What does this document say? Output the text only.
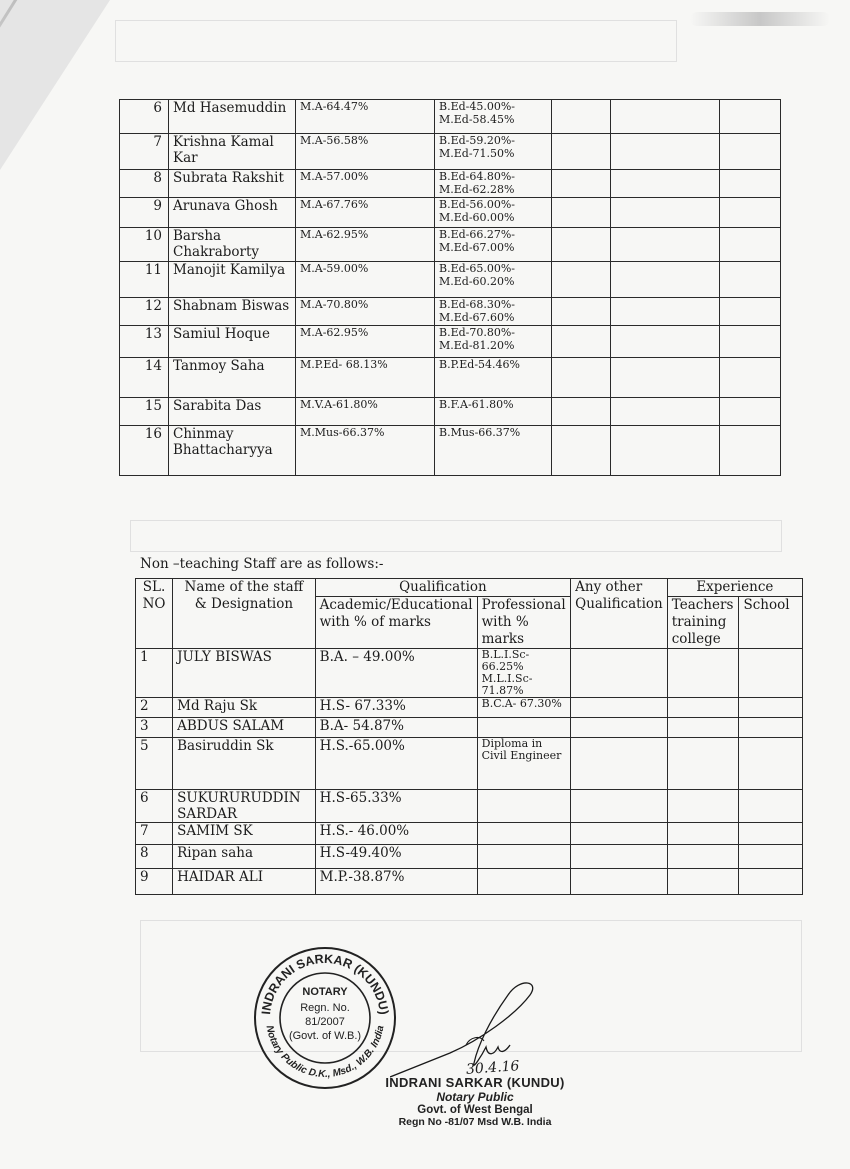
6	Md Hasemuddin	M.A-64.47%	B.Ed-45.00%-
M.Ed-58.45%			

7	Krishna Kamal Kar	M.A-56.58%	B.Ed-59.20%-
M.Ed-71.50%			

8	Subrata Rakshit	M.A-57.00%	B.Ed-64.80%-
M.Ed-62.28%			

9	Arunava Ghosh	M.A-67.76%	B.Ed-56.00%-
M.Ed-60.00%			

10	Barsha Chakraborty	M.A-62.95%	B.Ed-66.27%-
M.Ed-67.00%			

11	Manojit Kamilya	M.A-59.00%	B.Ed-65.00%-
M.Ed-60.20%			

12	Shabnam Biswas	M.A-70.80%	B.Ed-68.30%-
M.Ed-67.60%			

13	Samiul Hoque	M.A-62.95%	B.Ed-70.80%-
M.Ed-81.20%			

14	Tanmoy Saha	M.P.Ed- 68.13%	B.P.Ed-54.46%			

15	Sarabita Das	M.V.A-61.80%	B.F.A-61.80%			

16	Chinmay Bhattacharyya	M.Mus-66.37%	B.Mus-66.37%			

Non –teaching Staff are as follows:-
SL. NO	Name of the staff & Designation	Qualification		Any other Qualification	Experience	
		Academic/Educational with % of marks	Professional with % marks		Teachers training college	School
1	JULY BISWAS	B.A. – 49.00%	B.L.I.Sc- 66.25% M.L.I.Sc-71.87%			
2	Md Raju Sk	H.S- 67.33%	B.C.A- 67.30%			
3	ABDUS SALAM	B.A- 54.87%				
5	Basiruddin Sk	H.S.-65.00%	Diploma in Civil Engineer			
6	SUKURURUDDIN SARDAR	H.S-65.33%				
7	SAMIM SK	H.S.- 46.00%				
8	Ripan saha	H.S-49.40%				
9	HAIDAR ALI	M.P.-38.87%				
INDRANI SARKAR (KUNDU)
Notary Public D.K., Msd., W.B. India
NOTARY
Regn. No.
81/2007
(Govt. of W.B.)
30.4.16
INDRANI SARKAR (KUNDU)
Notary Public
Govt. of West Bengal
Regn No -81/07 Msd W.B. India
